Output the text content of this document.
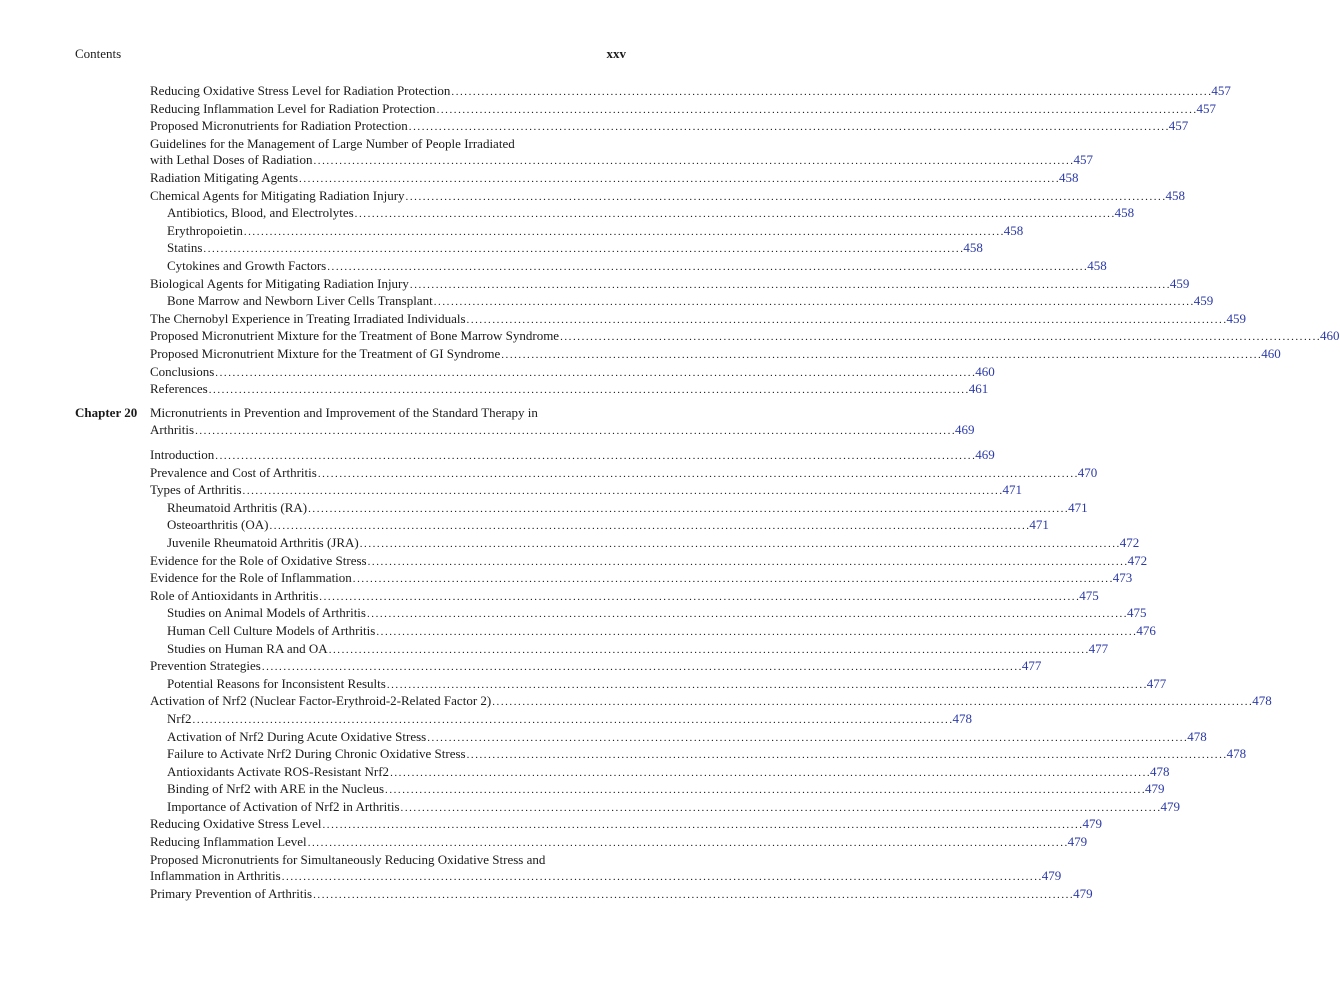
Contents	xxv
Reducing Oxidative Stress Level for Radiation Protection . . .	457
Reducing Inflammation Level for Radiation Protection . . .	457
Proposed Micronutrients for Radiation Protection . . .	457
Guidelines for the Management of Large Number of People Irradiated
with Lethal Doses of Radiation . . .	457
Radiation Mitigating Agents . . .	458
Chemical Agents for Mitigating Radiation Injury . . .	458
Antibiotics, Blood, and Electrolytes . . .	458
Erythropoietin . . .	458
Statins . . .	458
Cytokines and Growth Factors . . .	458
Biological Agents for Mitigating Radiation Injury . . .	459
Bone Marrow and Newborn Liver Cells Transplant . . .	459
The Chernobyl Experience in Treating Irradiated Individuals . . .	459
Proposed Micronutrient Mixture for the Treatment of Bone Marrow Syndrome . . .	460
Proposed Micronutrient Mixture for the Treatment of GI Syndrome . . .	460
Conclusions . . .	460
References . . .	461
Chapter 20 Micronutrients in Prevention and Improvement of the Standard Therapy in
Arthritis . . .	469
Introduction . . .	469
Prevalence and Cost of Arthritis . . .	470
Types of Arthritis . . .	471
Rheumatoid Arthritis (RA) . . .	471
Osteoarthritis (OA) . . .	471
Juvenile Rheumatoid Arthritis (JRA) . . .	472
Evidence for the Role of Oxidative Stress . . .	472
Evidence for the Role of Inflammation . . .	473
Role of Antioxidants in Arthritis . . .	475
Studies on Animal Models of Arthritis . . .	475
Human Cell Culture Models of Arthritis . . .	476
Studies on Human RA and OA . . .	477
Prevention Strategies . . .	477
Potential Reasons for Inconsistent Results . . .	477
Activation of Nrf2 (Nuclear Factor-Erythroid-2-Related Factor 2) . . .	478
Nrf2 . . .	478
Activation of Nrf2 During Acute Oxidative Stress . . .	478
Failure to Activate Nrf2 During Chronic Oxidative Stress . . .	478
Antioxidants Activate ROS-Resistant Nrf2 . . .	478
Binding of Nrf2 with ARE in the Nucleus . . .	479
Importance of Activation of Nrf2 in Arthritis . . .	479
Reducing Oxidative Stress Level . . .	479
Reducing Inflammation Level . . .	479
Proposed Micronutrients for Simultaneously Reducing Oxidative Stress and
Inflammation in Arthritis . . .	479
Primary Prevention of Arthritis . . .	479
